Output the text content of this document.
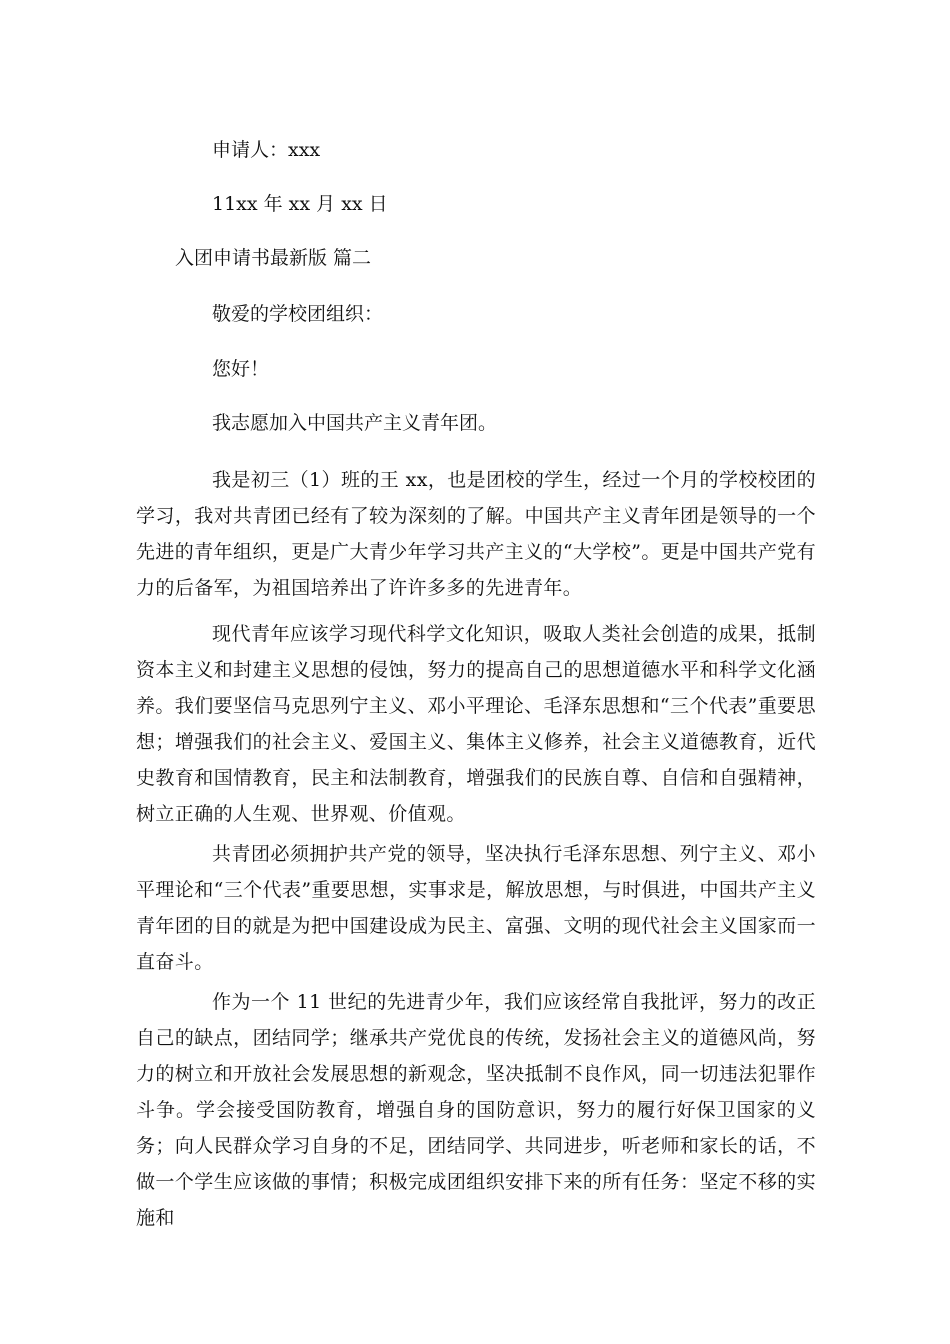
申请人：xxx
11xx 年 xx 月 xx 日
入团申请书最新版 篇二
敬爱的学校团组织：
您好！
我志愿加入中国共产主义青年团。
我是初三（1）班的王 xx，也是团校的学生，经过一个月的学校校团的学习，我对共青团已经有了较为深刻的了解。中国共产主义青年团是领导的一个先进的青年组织，更是广大青少年学习共产主义的“大学校”。更是中国共产党有力的后备军，为祖国培养出了许许多多的先进青年。
现代青年应该学习现代科学文化知识，吸取人类社会创造的成果，抵制资本主义和封建主义思想的侵蚀，努力的提高自己的思想道德水平和科学文化涵养。我们要坚信马克思列宁主义、邓小平理论、毛泽东思想和“三个代表”重要思想；增强我们的社会主义、爱国主义、集体主义修养，社会主义道德教育，近代史教育和国情教育，民主和法制教育，增强我们的民族自尊、自信和自强精神，树立正确的人生观、世界观、价值观。
共青团必须拥护共产党的领导，坚决执行毛泽东思想、列宁主义、邓小平理论和“三个代表”重要思想，实事求是，解放思想，与时俱进，中国共产主义青年团的目的就是为把中国建设成为民主、富强、文明的现代社会主义国家而一直奋斗。
作为一个 11 世纪的先进青少年，我们应该经常自我批评，努力的改正自己的缺点，团结同学；继承共产党优良的传统，发扬社会主义的道德风尚，努力的树立和开放社会发展思想的新观念，坚决抵制不良作风，同一切违法犯罪作斗争。学会接受国防教育，增强自身的国防意识，努力的履行好保卫国家的义务；向人民群众学习自身的不足，团结同学、共同进步，听老师和家长的话，不做一个学生应该做的事情；积极完成团组织安排下来的所有任务：坚定不移的实施和
